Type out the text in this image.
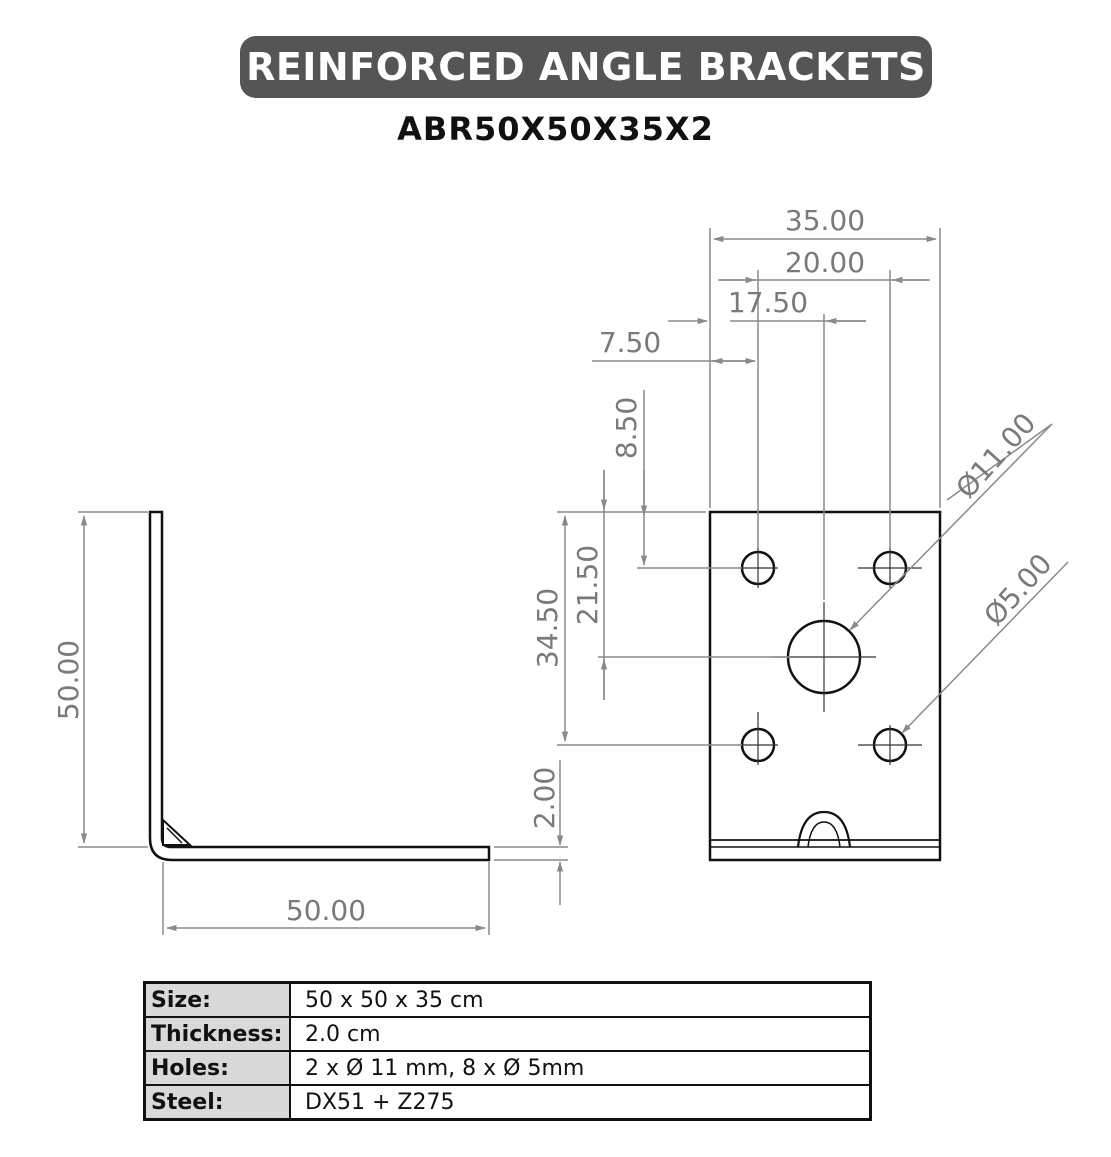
REINFORCED ANGLE BRACKETS
ABR50X50X35X2
50.00
50.00
2.00
35.00
20.00
17.50
7.50
8.50
21.50
34.50
Ø11.00
Ø5.00
Size:	50 x 50 x 35 cm
Thickness:	2.0 cm
Holes:	2 x Ø 11 mm, 8 x Ø 5mm
Steel:	DX51 + Z275
